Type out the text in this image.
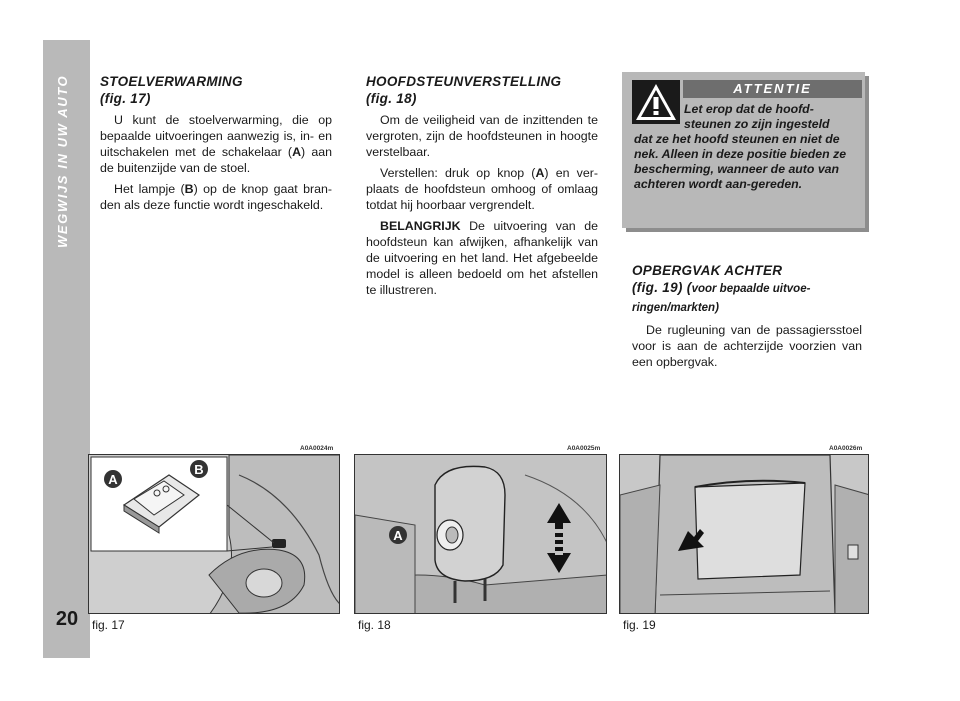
WEGWIJS IN UW AUTO
20
STOELVERWARMING
(fig. 17)

U kunt de stoelverwarming, die op bepaalde uitvoeringen aanwezig is, in- en uitschakelen met de schakelaar (A) aan de buitenzijde van de stoel.

Het lampje (B) op de knop gaat bran-den als deze functie wordt ingeschakeld.

HOOFDSTEUNVERSTELLING
(fig. 18)

Om de veiligheid van de inzittenden te vergroten, zijn de hoofdsteunen in hoogte verstelbaar.

Verstellen: druk op knop (A) en ver-plaats de hoofdsteun omhoog of omlaag totdat hij hoorbaar vergrendelt.

BELANGRIJK De uitvoering van de hoofdsteun kan afwijken, afhankelijk van de uitvoering en het land. Het afgebeelde model is alleen bedoeld om het afstellen te illustreren.

ATTENTIE
Let erop dat de hoofd-
steunen zo zijn ingesteld
dat ze het hoofd steunen en niet de nek. Alleen in deze positie bieden ze bescherming, wanneer de auto van achteren wordt aan-gereden.
OPBERGVAK ACHTER
(fig. 19) (voor bepaalde uitvoe-ringen/markten)

De rugleuning van de passagiersstoel voor is aan de achterzijde voorzien van een opbergvak.

A0A0024m	A0A0025m	A0A0026m
A
B
A
fig. 17	fig. 18	fig. 19
